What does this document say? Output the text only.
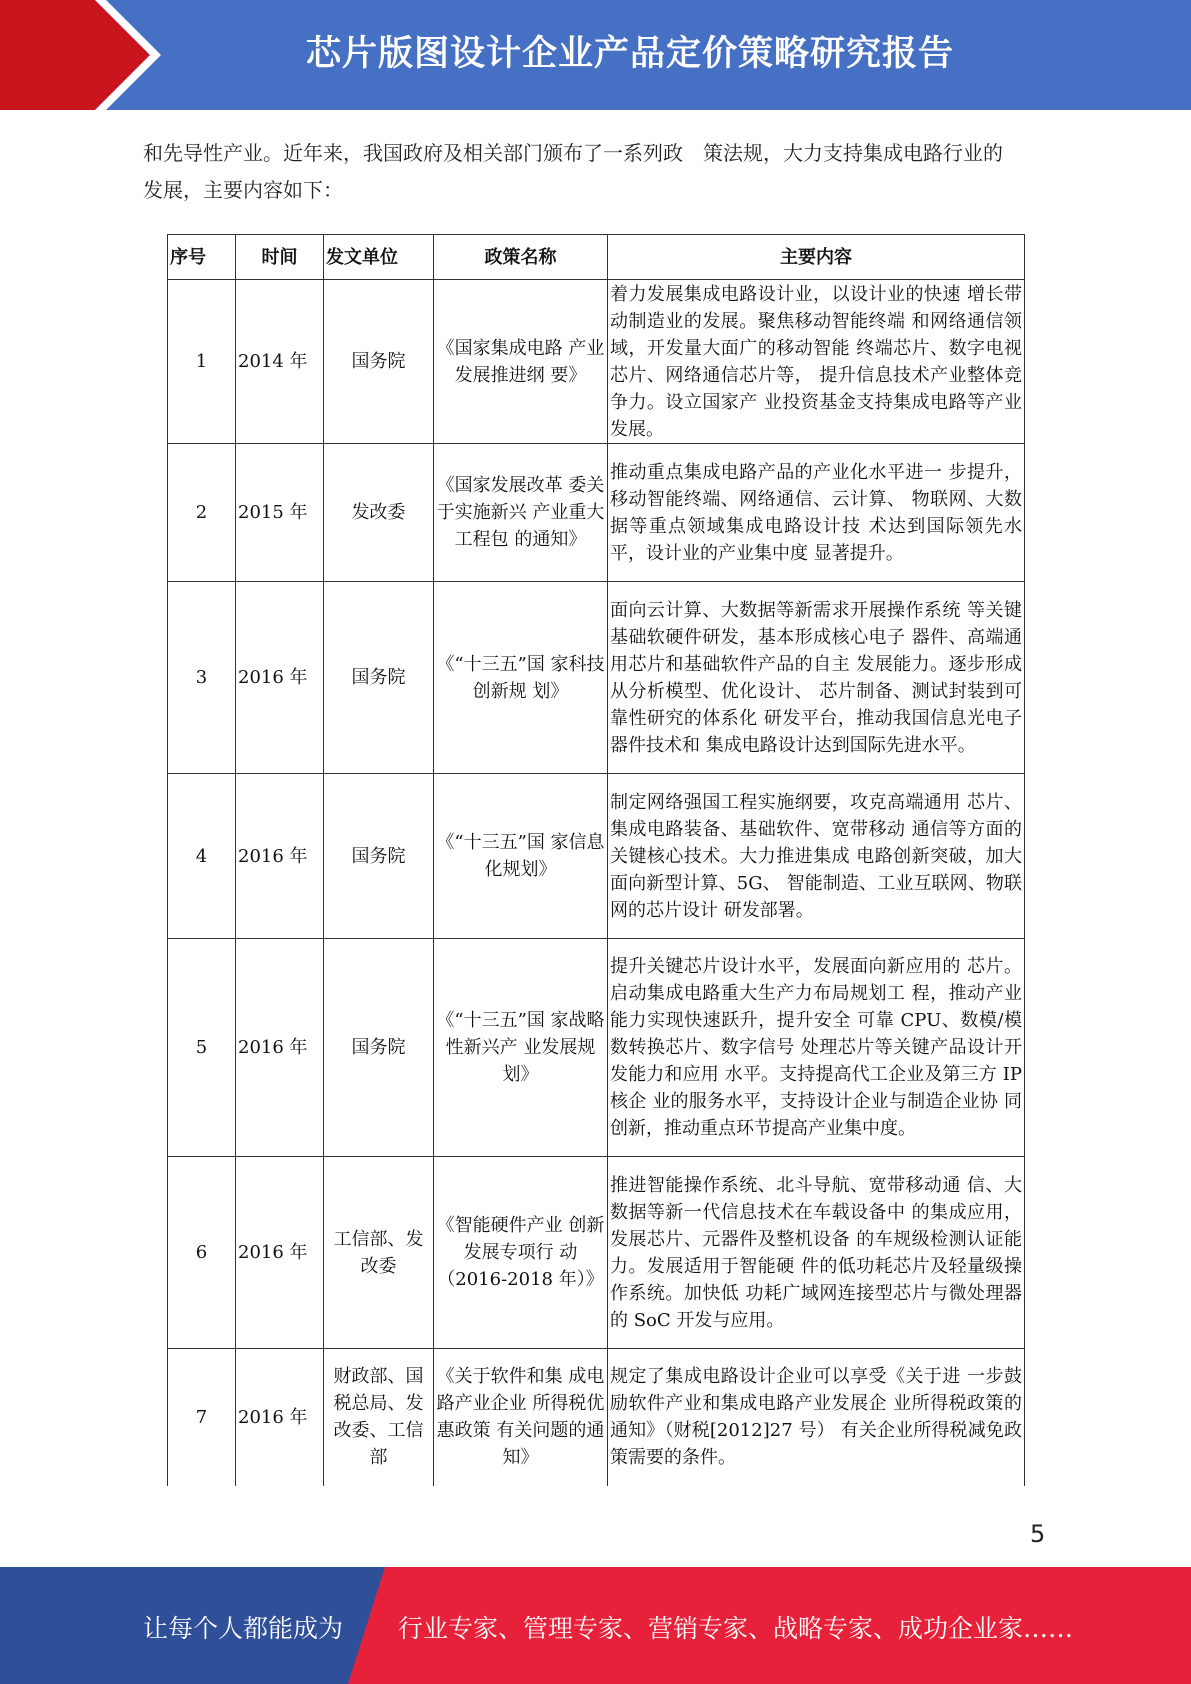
芯片版图设计企业产品定价策略研究报告
和先导性产业。近年来，我国政府及相关部门颁布了一系列政　策法规，大力支持集成电路行业的
发展，主要内容如下：
序号	时间	发文单位	政策名称	主要内容
1	2014 年	国务院	《国家集成电路 产业发展推进纲 要》	着力发展集成电路设计业，以设计业的快速 增长带动制造业的发展。聚焦移动智能终端 和网络通信领域，开发量大面广的移动智能 终端芯片、数字电视芯片、网络通信芯片等， 提升信息技术产业整体竞争力。设立国家产 业投资基金支持集成电路等产业发展。
2	2015 年	发改委	《国家发展改革 委关于实施新兴 产业重大工程包 的通知》	推动重点集成电路产品的产业化水平进一 步提升，移动智能终端、网络通信、云计算、 物联网、大数据等重点领域集成电路设计技 术达到国际领先水平，设计业的产业集中度 显著提升。
3	2016 年	国务院	《“十三五”国 家科技创新规 划》	面向云计算、大数据等新需求开展操作系统 等关键基础软硬件研发，基本形成核心电子 器件、高端通用芯片和基础软件产品的自主 发展能力。逐步形成从分析模型、优化设计、 芯片制备、测试封装到可靠性研究的体系化 研发平台，推动我国信息光电子器件技术和 集成电路设计达到国际先进水平。
4	2016 年	国务院	《“十三五”国 家信息化规划》	制定网络强国工程实施纲要，攻克高端通用 芯片、集成电路装备、基础软件、宽带移动 通信等方面的关键核心技术。大力推进集成 电路创新突破，加大面向新型计算、5G、 智能制造、工业互联网、物联网的芯片设计 研发部署。
5	2016 年	国务院	《“十三五”国 家战略性新兴产 业发展规划》	提升关键芯片设计水平，发展面向新应用的 芯片。启动集成电路重大生产力布局规划工 程，推动产业能力实现快速跃升，提升安全 可靠 CPU、数模/模数转换芯片、数字信号 处理芯片等关键产品设计开发能力和应用 水平。支持提高代工企业及第三方 IP 核企 业的服务水平，支持设计企业与制造企业协 同创新，推动重点环节提高产业集中度。
6	2016 年	工信部、发改委	《智能硬件产业 创新发展专项行 动（2016-2018 年）》	推进智能操作系统、北斗导航、宽带移动通 信、大数据等新一代信息技术在车载设备中 的集成应用，发展芯片、元器件及整机设备 的车规级检测认证能力。发展适用于智能硬 件的低功耗芯片及轻量级操作系统。加快低 功耗广域网连接型芯片与微处理器的 SoC 开发与应用。
7	2016 年	财政部、国税总局、发改委、工信部	《关于软件和集 成电路产业企业 所得税优惠政策 有关问题的通 知》	规定了集成电路设计企业可以享受《关于进 一步鼓励软件产业和集成电路产业发展企 业所得税政策的通知》（财税[2012]27 号） 有关企业所得税减免政策需要的条件。
5
让每个人都能成为 行业专家、管理专家、营销专家、战略专家、成功企业家……
